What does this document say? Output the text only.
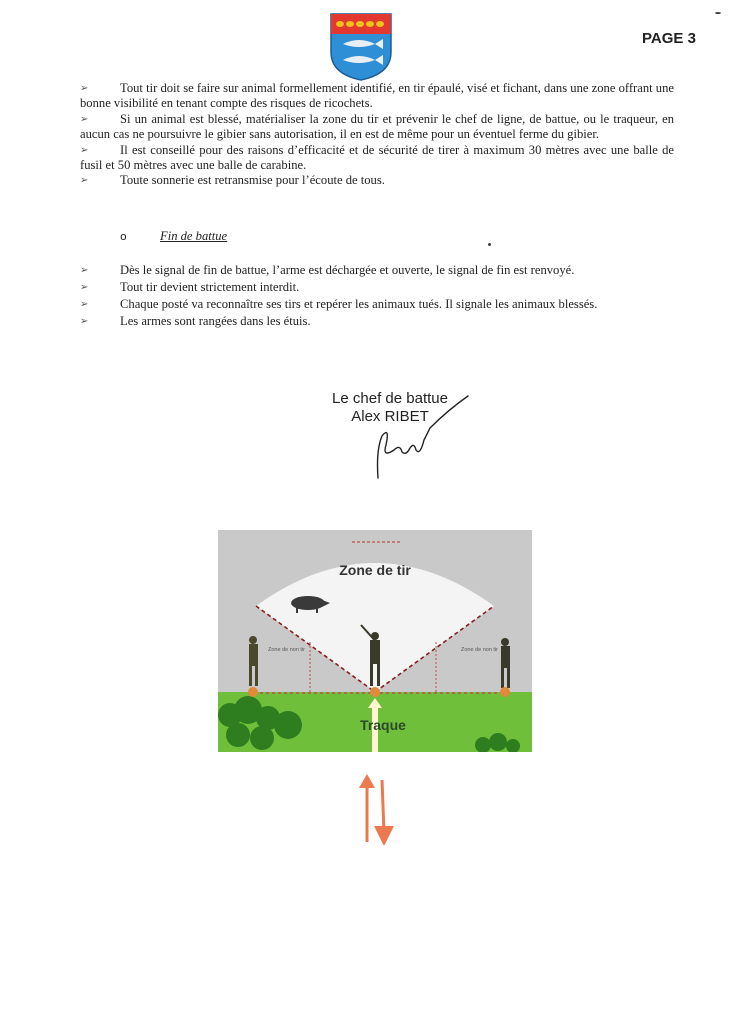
PAGE 3

➢	Tout tir doit se faire sur animal formellement identifié, en tir épaulé, visé et fichant, dans une zone offrant une bonne visibilité en tenant compte des risques de ricochets.

➢	Si un animal est blessé, matérialiser la zone du tir et prévenir le chef de ligne, de battue, ou le traqueur, en aucun cas ne poursuivre le gibier sans autorisation, il en est de même pour un éventuel ferme du gibier.

➢	Il est conseillé pour des raisons d’efficacité et de sécurité de tirer à maximum 30 mètres avec une balle de fusil et 50 mètres avec une balle de carabine.

➢	Toute sonnerie est retransmise pour l’écoute de tous.

o	Fin de battue
➢	Dès le signal de fin de battue, l’arme est déchargée et ouverte, le signal de fin est renvoyé.
➢	Tout tir devient strictement interdit.
➢	Chaque posté va reconnaître ses tirs et repérer les animaux tués. Il signale les animaux blessés.
➢	Les armes sont rangées dans les étuis.
Le chef de battue
Alex RIBET
Zone de tir
Zone de non tir	Zone de non tir
Traque
